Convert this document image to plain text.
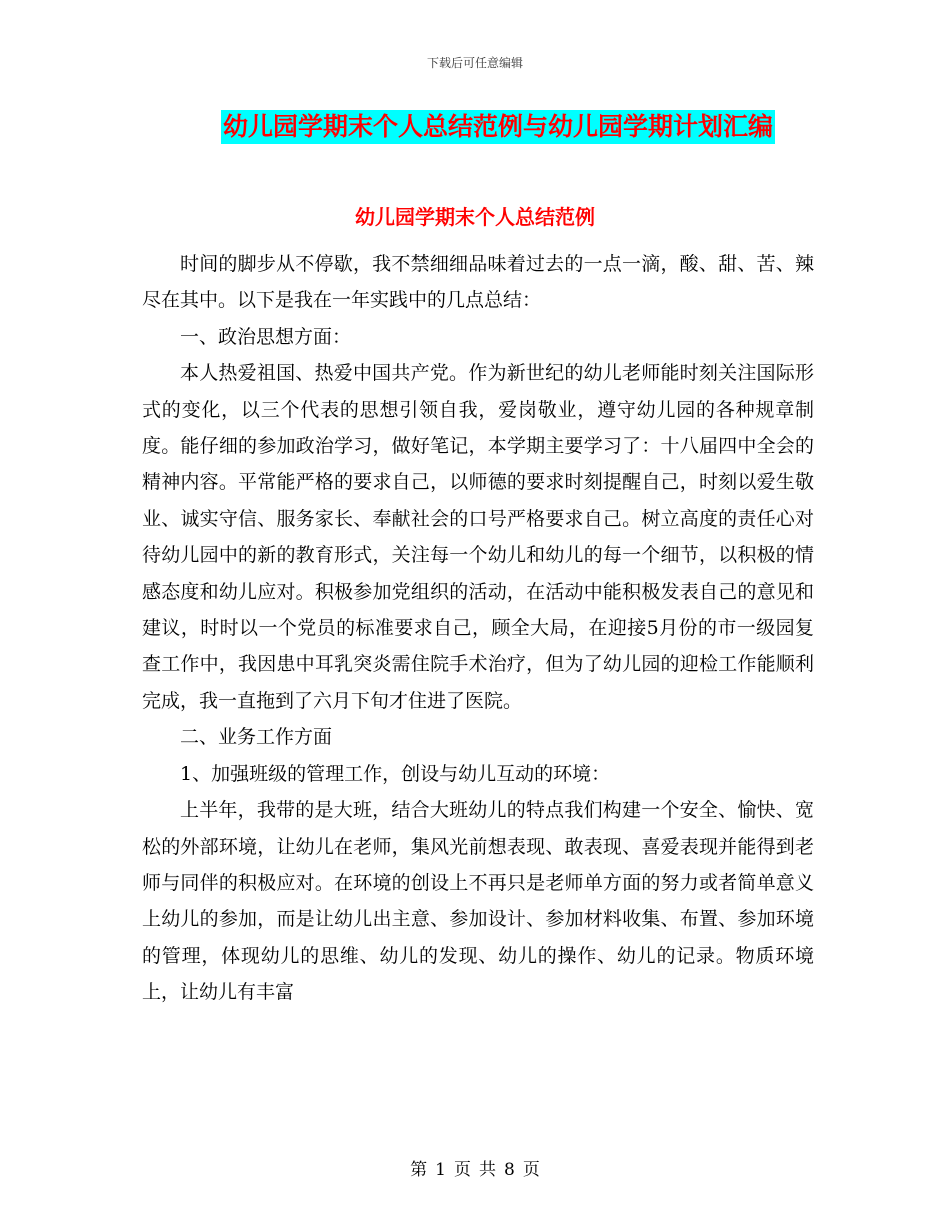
下载后可任意编辑
幼儿园学期末个人总结范例与幼儿园学期计划汇编
幼儿园学期末个人总结范例

时间的脚步从不停歇，我不禁细细品味着过去的一点一滴，酸、甜、苦、辣尽在其中。以下是我在一年实践中的几点总结：

一、政治思想方面：

本人热爱祖国、热爱中国共产党。作为新世纪的幼儿老师能时刻关注国际形式的变化，以三个代表的思想引领自我，爱岗敬业，遵守幼儿园的各种规章制度。能仔细的参加政治学习，做好笔记，本学期主要学习了：十八届四中全会的精神内容。平常能严格的要求自己，以师德的要求时刻提醒自己，时刻以爱生敬业、诚实守信、服务家长、奉献社会的口号严格要求自己。树立高度的责任心对待幼儿园中的新的教育形式，关注每一个幼儿和幼儿的每一个细节，以积极的情感态度和幼儿应对。积极参加党组织的活动，在活动中能积极发表自己的意见和建议，时时以一个党员的标准要求自己，顾全大局，在迎接5月份的市一级园复查工作中，我因患中耳乳突炎需住院手术治疗，但为了幼儿园的迎检工作能顺利完成，我一直拖到了六月下旬才住进了医院。

二、业务工作方面

1、加强班级的管理工作，创设与幼儿互动的环境：

上半年，我带的是大班，结合大班幼儿的特点我们构建一个安全、愉快、宽松的外部环境，让幼儿在老师，集风光前想表现、敢表现、喜爱表现并能得到老师与同伴的积极应对。在环境的创设上不再只是老师单方面的努力或者简单意义上幼儿的参加，而是让幼儿出主意、参加设计、参加材料收集、布置、参加环境的管理，体现幼儿的思维、幼儿的发现、幼儿的操作、幼儿的记录。物质环境上，让幼儿有丰富

第 1 页 共 8 页
